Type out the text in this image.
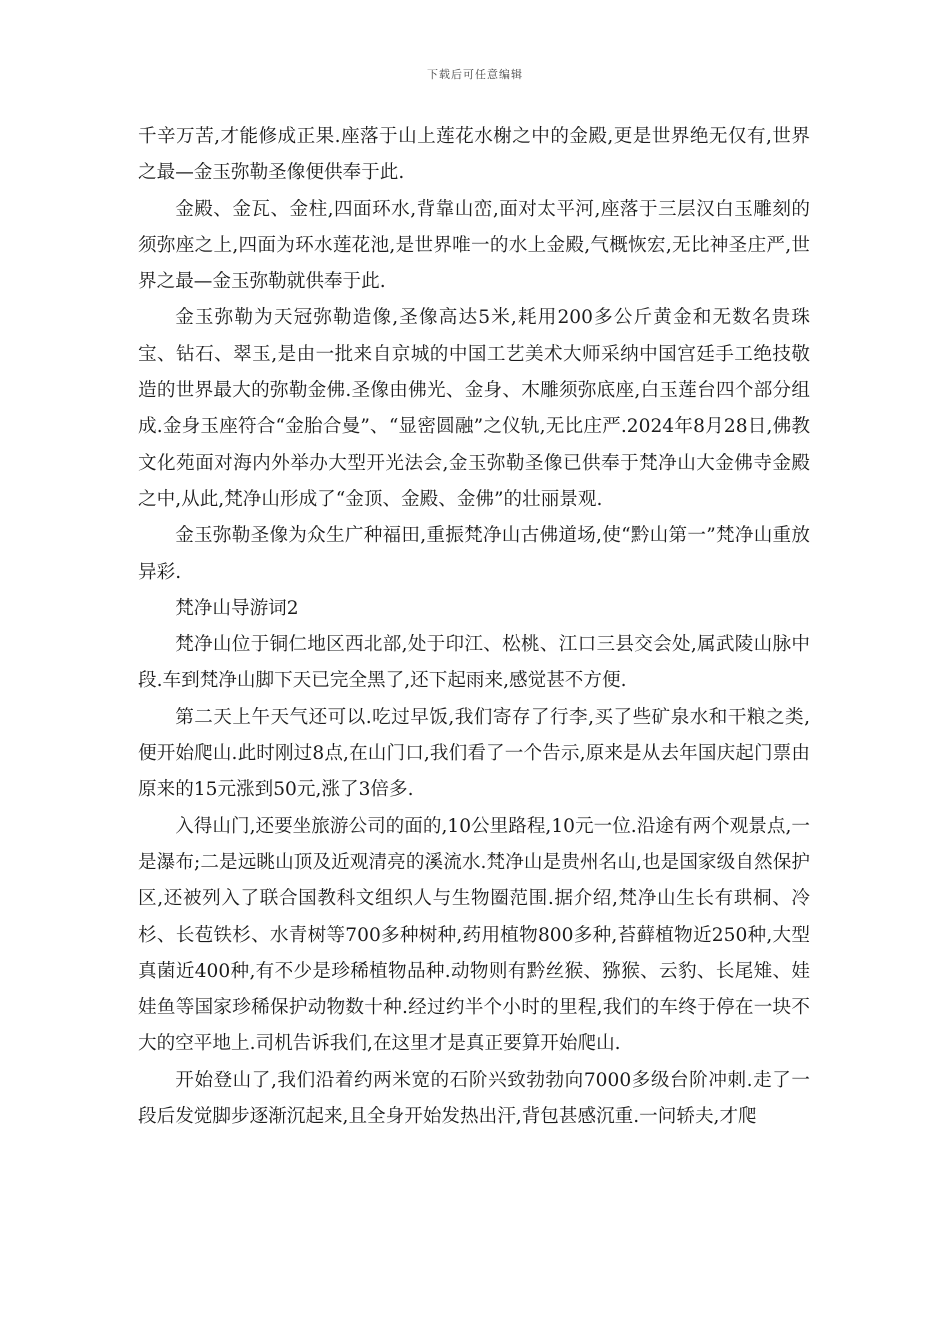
下载后可任意编辑

千辛万苦,才能修成正果.座落于山上莲花水榭之中的金殿,更是世界绝无仅有,世界之最—金玉弥勒圣像便供奉于此.

金殿、金瓦、金柱,四面环水,背靠山峦,面对太平河,座落于三层汉白玉雕刻的须弥座之上,四面为环水莲花池,是世界唯一的水上金殿,气概恢宏,无比神圣庄严,世界之最—金玉弥勒就供奉于此.

金玉弥勒为天冠弥勒造像,圣像高达5米,耗用200多公斤黄金和无数名贵珠宝、钻石、翠玉,是由一批来自京城的中国工艺美术大师采纳中国宫廷手工绝技敬造的世界最大的弥勒金佛.圣像由佛光、金身、木雕须弥底座,白玉莲台四个部分组成.金身玉座符合“金胎合曼”、“显密圆融”之仪轨,无比庄严.2024年8月28日,佛教文化苑面对海内外举办大型开光法会,金玉弥勒圣像已供奉于梵净山大金佛寺金殿之中,从此,梵净山形成了“金顶、金殿、金佛”的壮丽景观.

金玉弥勒圣像为众生广种福田,重振梵净山古佛道场,使“黔山第一”梵净山重放异彩.

梵净山导游词2

梵净山位于铜仁地区西北部,处于印江、松桃、江口三县交会处,属武陵山脉中段.车到梵净山脚下天已完全黑了,还下起雨来,感觉甚不方便.

第二天上午天气还可以.吃过早饭,我们寄存了行李,买了些矿泉水和干粮之类,便开始爬山.此时刚过8点,在山门口,我们看了一个告示,原来是从去年国庆起门票由原来的15元涨到50元,涨了3倍多.

入得山门,还要坐旅游公司的面的,10公里路程,10元一位.沿途有两个观景点,一是瀑布;二是远眺山顶及近观清亮的溪流水.梵净山是贵州名山,也是国家级自然保护区,还被列入了联合国教科文组织人与生物圈范围.据介绍,梵净山生长有珙桐、冷杉、长苞铁杉、水青树等700多种树种,药用植物800多种,苔藓植物近250种,大型真菌近400种,有不少是珍稀植物品种.动物则有黔丝猴、猕猴、云豹、长尾雉、娃娃鱼等国家珍稀保护动物数十种.经过约半个小时的里程,我们的车终于停在一块不大的空平地上.司机告诉我们,在这里才是真正要算开始爬山.

开始登山了,我们沿着约两米宽的石阶兴致勃勃向7000多级台阶冲刺.走了一段后发觉脚步逐渐沉起来,且全身开始发热出汗,背包甚感沉重.一问轿夫,才爬
